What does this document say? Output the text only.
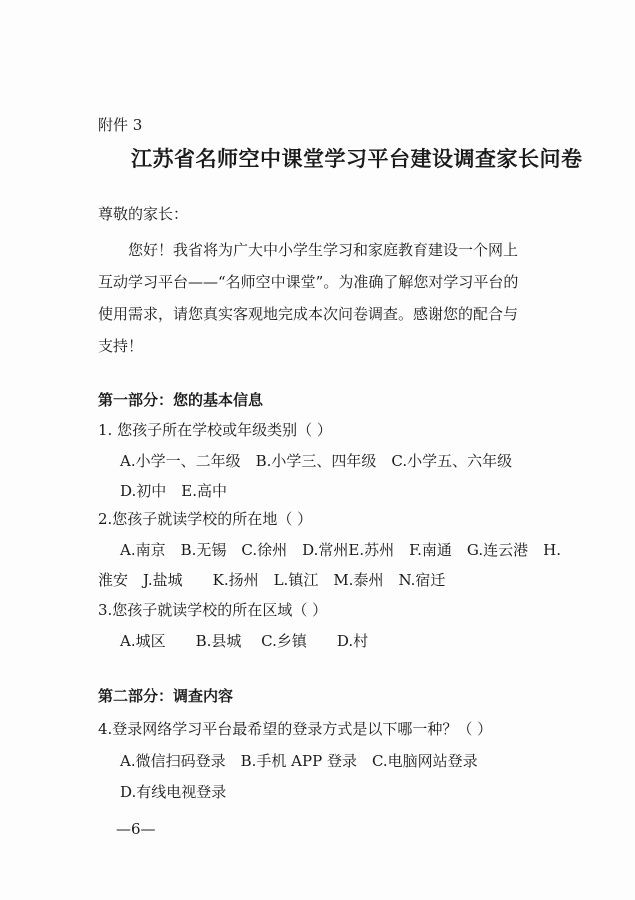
附件 3
江苏省名师空中课堂学习平台建设调查家长问卷
尊敬的家长：
　　您好！我省将为广大中小学生学习和家庭教育建设一个网上
互动学习平台——“名师空中课堂”。为准确了解您对学习平台的
使用需求，请您真实客观地完成本次问卷调查。感谢您的配合与
支持！
第一部分：您的基本信息
1. 您孩子所在学校或年级类别（ ）
A.小学一、二年级　B.小学三、四年级　C.小学五、六年级
D.初中　E.高中
2.您孩子就读学校的所在地（ ）
A.南京　B.无锡　C.徐州　D.常州E.苏州　F.南通　G.连云港　H.
淮安　J.盐城　　K.扬州　L.镇江　M.泰州　N.宿迁
3.您孩子就读学校的所在区域（ ）
A.城区　　B.县城　 C.乡镇　　D.村
第二部分：调查内容
4.登录网络学习平台最希望的登录方式是以下哪一种？（ ）
A.微信扫码登录　B.手机 APP 登录　C.电脑网站登录
D.有线电视登录
—6—
